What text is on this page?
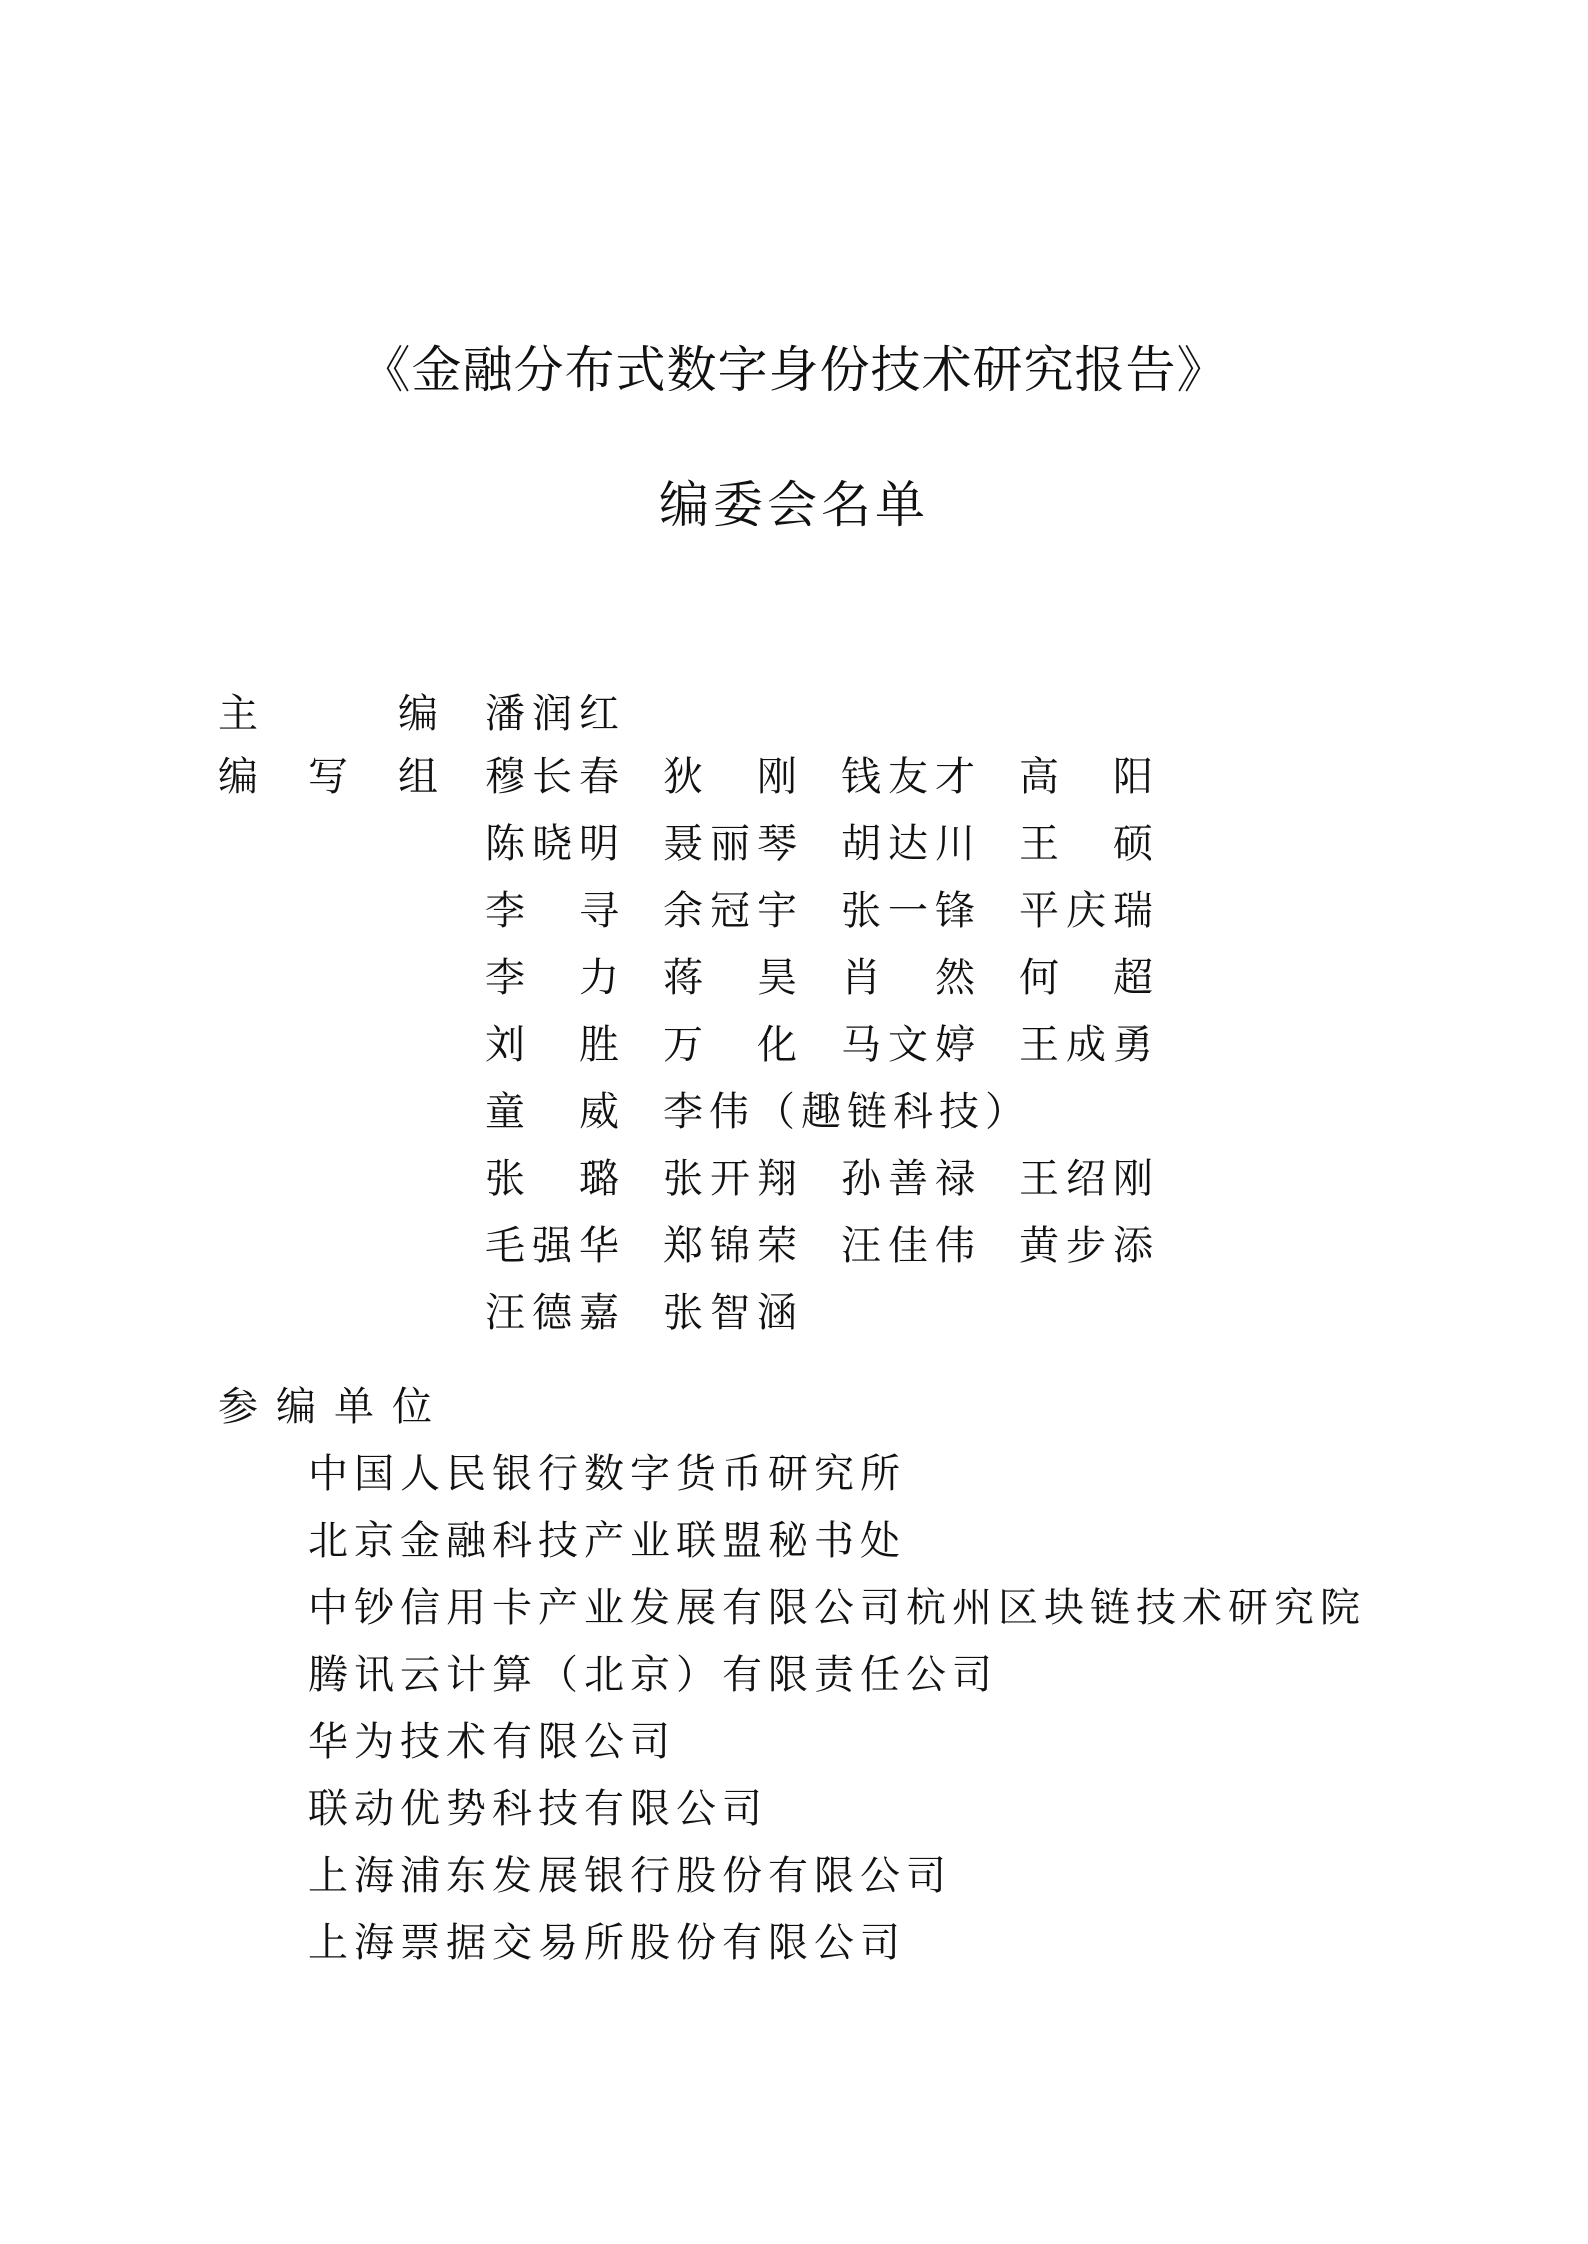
《金融分布式数字身份技术研究报告》
编委会名单
主	编 潘 润 红
编 写 组 穆 长 春 狄 刚 钱 友 才 高 阳
陈 晓 明 聂 丽 琴 胡 达 川 王 硕
李 寻 余 冠 宇 张 一 锋 平 庆 瑞
李 力 蒋 昊 肖 然 何 超
刘 胜 万 化 马 文 婷 王 成 勇
童 威 李伟（趣链科技）
张 璐 张 开 翔 孙 善 禄 王 绍 刚
毛 强 华 郑 锦 荣 汪 佳 伟 黄 步 添
汪 德 嘉 张 智 涵
参编单位
中国人民银行数字货币研究所
北京金融科技产业联盟秘书处
中钞信用卡产业发展有限公司杭州区块链技术研究院
腾讯云计算（北京）有限责任公司
华为技术有限公司
联动优势科技有限公司
上海浦东发展银行股份有限公司
上海票据交易所股份有限公司
